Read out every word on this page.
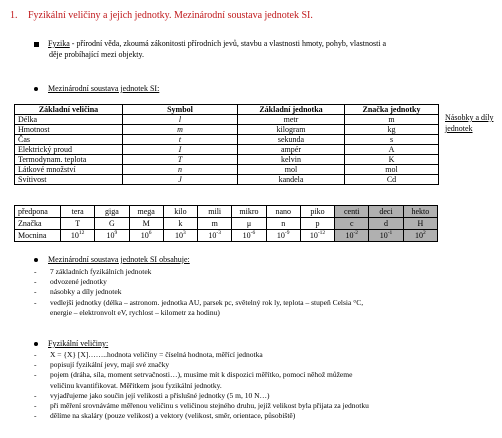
1. Fyzikální veličiny a jejich jednotky. Mezinárodní soustava jednotek SI.
Fyzika - přírodní věda, zkoumá zákonitosti přírodních jevů, stavbu a vlastnosti hmoty, pohyb, vlastnosti a
děje probíhající mezi objekty.
Mezinárodní soustava jednotek SI:
Základní veličina	Symbol	Základní jednotka	Značka jednotky
Délka	l	metr	m
Hmotnost	m	kilogram	kg
Čas	t	sekunda	s
Elektrický proud	I	ampér	A
Termodynam. teplota	T	kelvin	K
Látkové množství	n	mol	mol
Svítivost	J	kandela	Cd
Násobky a díly jednotek
předpona	tera	giga	mega	kilo	mili	mikro	nano	piko	centi	deci	hekto
Značka	T	G	M	k	m	μ	n	p	c	d	H
Mocnina	$10^{12}$	$10^9$	$10^6$	$10^3$	$10^{-3}$	$10^{-6}$	$10^{-9}$	$10^{-12}$	$10^{-2}$	$10^{-1}$	$10^2$
Mezinárodní soustava jednotek SI obsahuje:
- 7 základních fyzikálních jednotek
- odvozené jednotky
- násobky a díly jednotek
- vedlejší jednotky (délka – astronom. jednotka AU, parsek pc, světelný rok ly, teplota – stupeň Celsia °C,
energie – elektronvolt eV, rychlost – kilometr za hodinu)
Fyzikální veličiny:
- X = {X} [X]……..hodnota veličiny = číselná hodnota, měřící jednotka
- popisují fyzikální jevy, mají své značky
- pojem (dráha, síla, moment setrvačnosti…), musíme mít k dispozici měřítko, pomocí něhož můžeme
veličinu kvantifikovat. Měřítkem jsou fyzikální jednotky.
- vyjadřujeme jako součin její velikosti a příslušné jednotky (5 m, 10 N…)
- při měření srovnáváme měřenou veličinu s veličinou stejného druhu, jejíž velikost byla přijata za jednotku
- dělíme na skaláry (pouze velikost) a vektory (velikost, směr, orientace, působiště)
